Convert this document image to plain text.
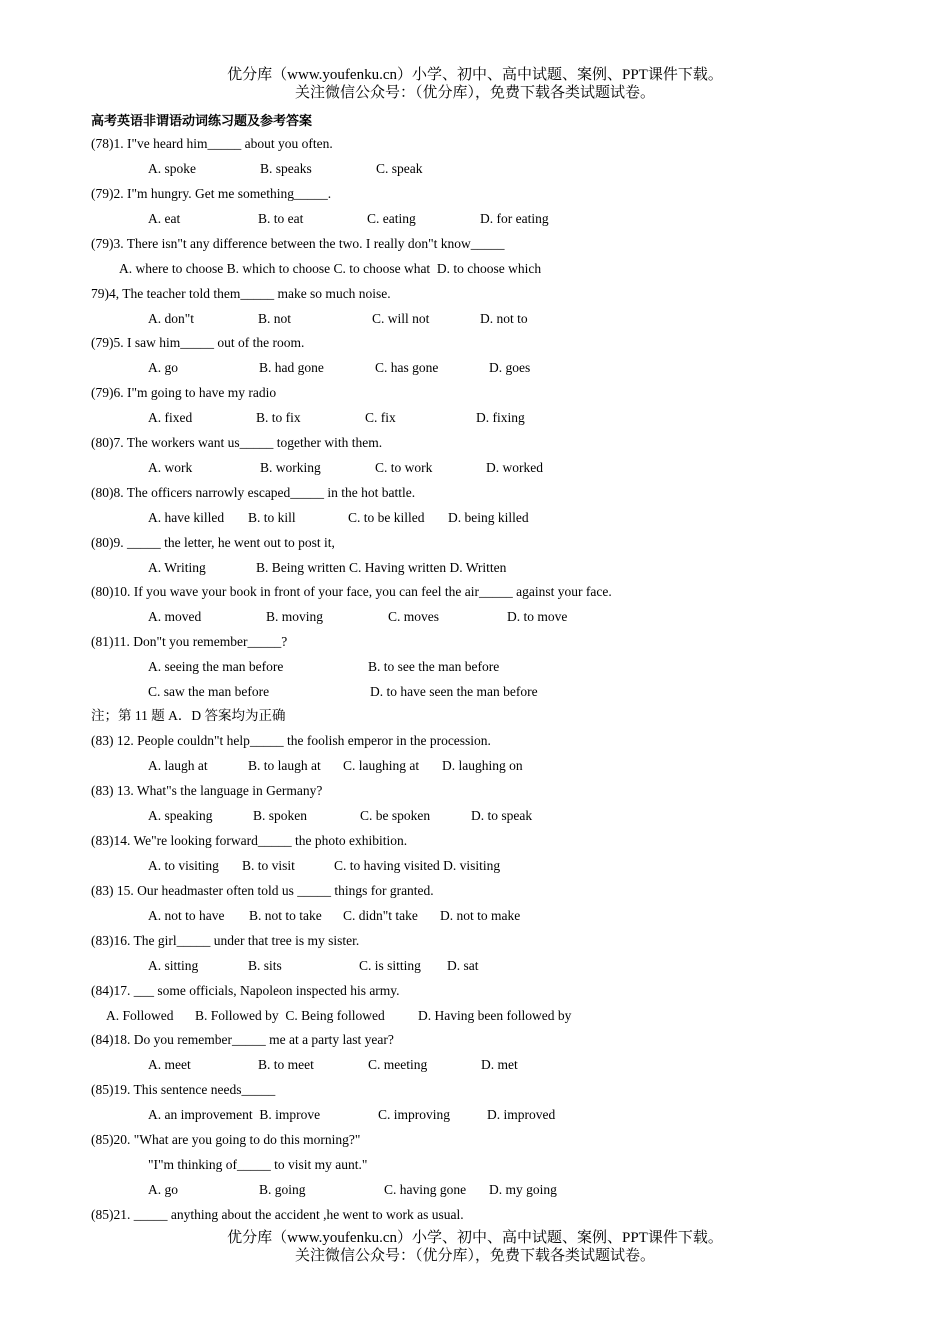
优分库（www.youfenku.cn）小学、初中、高中试题、案例、PPT课件下载。
关注微信公众号：（优分库），免费下载各类试题试卷。
高考英语非谓语动词练习题及参考答案
(78)1. I"ve heard him_____ about you often.
A. spoke	B. speaks	C. speak
(79)2. I"m hungry. Get me something_____.
A. eat	B. to eat	C. eating	D. for eating
(79)3. There isn"t any difference between the two. I really don"t know_____
A. where to choose B. which to choose C. to choose what  D. to choose which
79)4, The teacher told them_____ make so much noise.
A. don"t	B. not	C. will not	D. not to
(79)5. I saw him_____ out of the room.
A. go	B. had gone	C. has gone	D. goes
(79)6. I"m going to have my radio
A. fixed	B. to fix	C. fix	D. fixing
(80)7. The workers want us_____ together with them.
A. work	B. working	C. to work	D. worked
(80)8. The officers narrowly escaped_____ in the hot battle.
A. have killed B. to kill	C. to be killed D. being killed
(80)9. _____ the letter, he went out to post it,
A. Writing	B. Being written C. Having written D. Written
(80)10. If you wave your book in front of your face, you can feel the air_____ against your face.
A. moved	B. moving	C. moves	D. to move
(81)11. Don"t you remember_____?
A. seeing the man before	B. to see the man before
C. saw the man before	D. to have seen the man before
注；第 11 题 A．D 答案均为正确
(83) 12. People couldn"t help_____ the foolish emperor in the procession.
A. laugh at	B. to laugh at C. laughing at D. laughing on
(83) 13. What"s the language in Germany?
A. speaking	B. spoken	C. be spoken	D. to speak
(83)14. We"re looking forward_____ the photo exhibition.
A. to visiting B. to visit	C. to having visited D. visiting
(83) 15. Our headmaster often told us _____ things for granted.
A. not to have B. not to take C. didn"t take D. not to make
(83)16. The girl_____ under that tree is my sister.
A. sitting	B. sits	C. is sitting D. sat
(84)17. ___ some officials, Napoleon inspected his army.
A. Followed B. Followed by  C. Being followed D. Having been followed by
(84)18. Do you remember_____ me at a party last year?
A. meet	B. to meet	C. meeting	D. met
(85)19. This sentence needs_____
A. an improvement  B. improve	C. improving	D. improved
(85)20. "What are you going to do this morning?"
"I"m thinking of_____ to visit my aunt."
A. go	B. going	C. having gone D. my going
(85)21. _____ anything about the accident ,he went to work as usual.
优分库（www.youfenku.cn）小学、初中、高中试题、案例、PPT课件下载。
关注微信公众号：（优分库），免费下载各类试题试卷。
